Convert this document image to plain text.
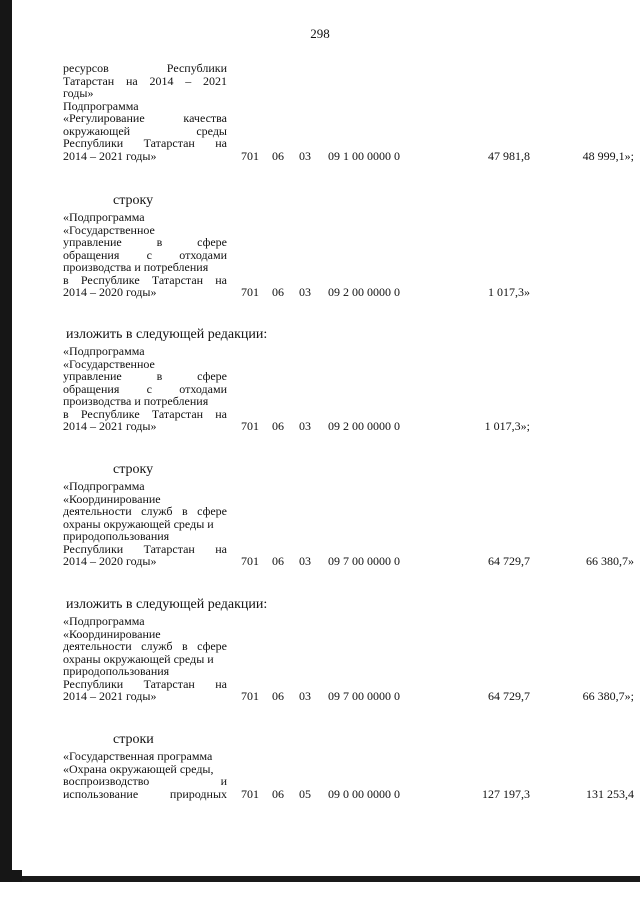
298
ресурсов Республики
Татарстан на 2014 – 2021
годы»
Подпрограмма
«Регулирование качества
окружающей среды
Республики Татарстан на
2014 – 2021 годы»	701 06 03 09 1 00 0000 0	47 981,8	48 999,1»;
строку
«Подпрограмма
«Государственное
управление в сфере
обращения с отходами
производства и потребления
в Республике Татарстан на
2014 – 2020 годы»	701 06 03 09 2 00 0000 0	1 017,3»
изложить в следующей редакции:
«Подпрограмма
«Государственное
управление в сфере
обращения с отходами
производства и потребления
в Республике Татарстан на
2014 – 2021 годы»	701 06 03 09 2 00 0000 0	1 017,3»;
строку
«Подпрограмма
«Координирование
деятельности служб в сфере
охраны окружающей среды и
природопользования
Республики Татарстан на
2014 – 2020 годы»	701 06 03 09 7 00 0000 0	64 729,7	66 380,7»
изложить в следующей редакции:
«Подпрограмма
«Координирование
деятельности служб в сфере
охраны окружающей среды и
природопользования
Республики Татарстан на
2014 – 2021 годы»	701 06 03 09 7 00 0000 0	64 729,7	66 380,7»;
строки
«Государственная программа
«Охрана окружающей среды,
воспроизводство и
использование природных 701 06 05 09 0 00 0000 0	127 197,3	131 253,4
